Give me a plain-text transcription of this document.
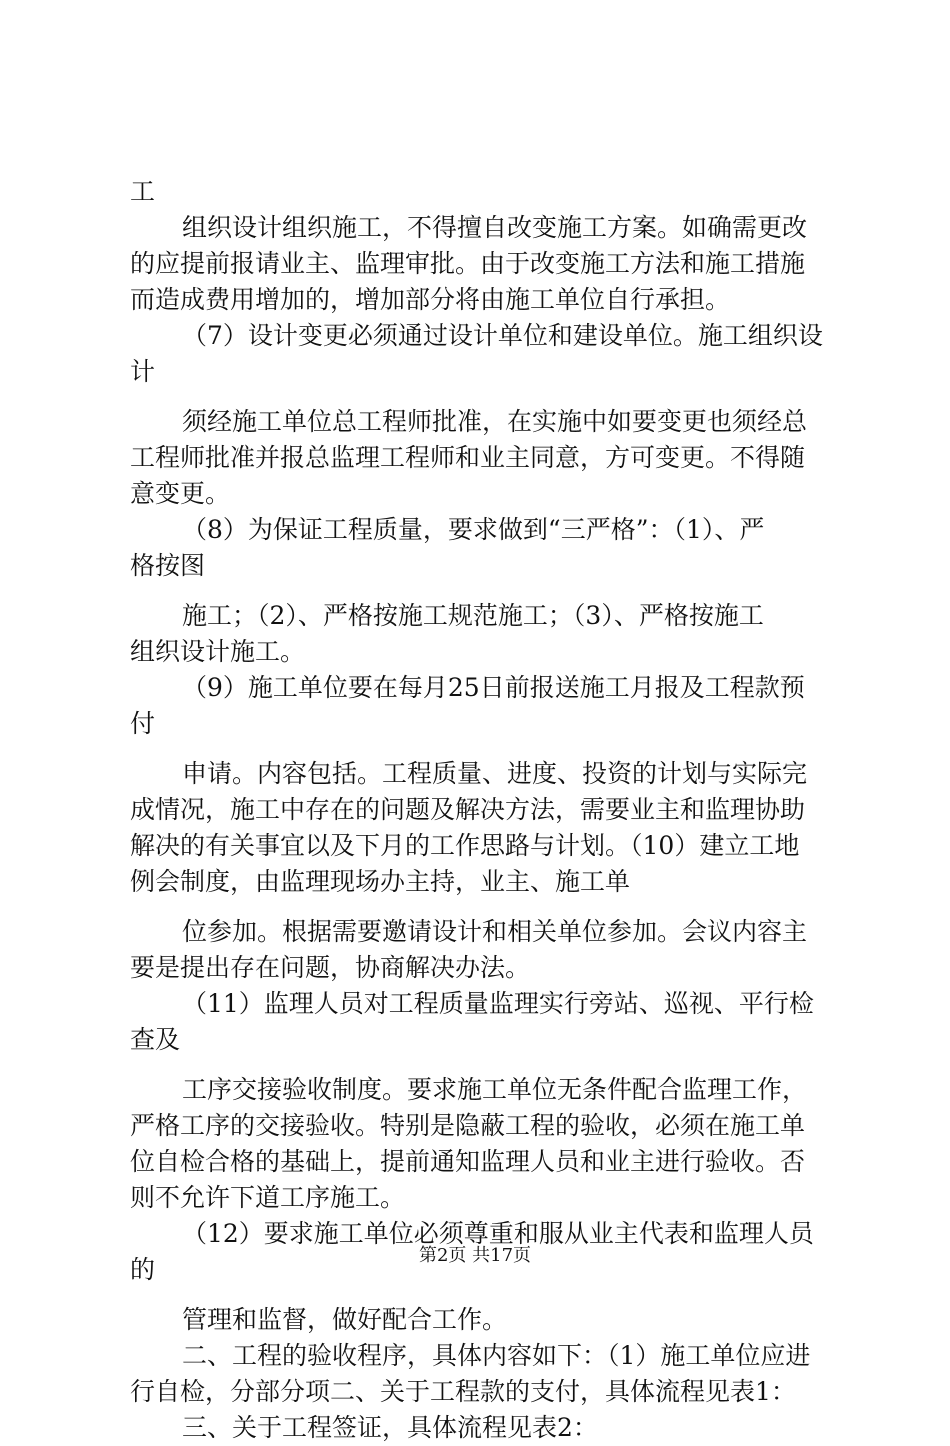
工
组织设计组织施工，不得擅自改变施工方案。如确需更改
的应提前报请业主、监理审批。由于改变施工方法和施工措施
而造成费用增加的，增加部分将由施工单位自行承担。
（7）设计变更必须通过设计单位和建设单位。施工组织设
计
须经施工单位总工程师批准，在实施中如要变更也须经总
工程师批准并报总监理工程师和业主同意，方可变更。不得随
意变更。
（8）为保证工程质量，要求做到“三严格”：（1）、严
格按图
施工；（2）、严格按施工规范施工；（3）、严格按施工
组织设计施工。
（9）施工单位要在每月25日前报送施工月报及工程款预
付
申请。内容包括。工程质量、进度、投资的计划与实际完
成情况，施工中存在的问题及解决方法，需要业主和监理协助
解决的有关事宜以及下月的工作思路与计划。（10）建立工地
例会制度，由监理现场办主持，业主、施工单
位参加。根据需要邀请设计和相关单位参加。会议内容主
要是提出存在问题，协商解决办法。
（11）监理人员对工程质量监理实行旁站、巡视、平行检
查及
工序交接验收制度。要求施工单位无条件配合监理工作，
严格工序的交接验收。特别是隐蔽工程的验收，必须在施工单
位自检合格的基础上，提前通知监理人员和业主进行验收。否
则不允许下道工序施工。
（12）要求施工单位必须尊重和服从业主代表和监理人员
的
管理和监督，做好配合工作。
二、工程的验收程序，具体内容如下：（1）施工单位应进
行自检，分部分项二、关于工程款的支付，具体流程见表1：
三、关于工程签证，具体流程见表2：
第2页 共17页
